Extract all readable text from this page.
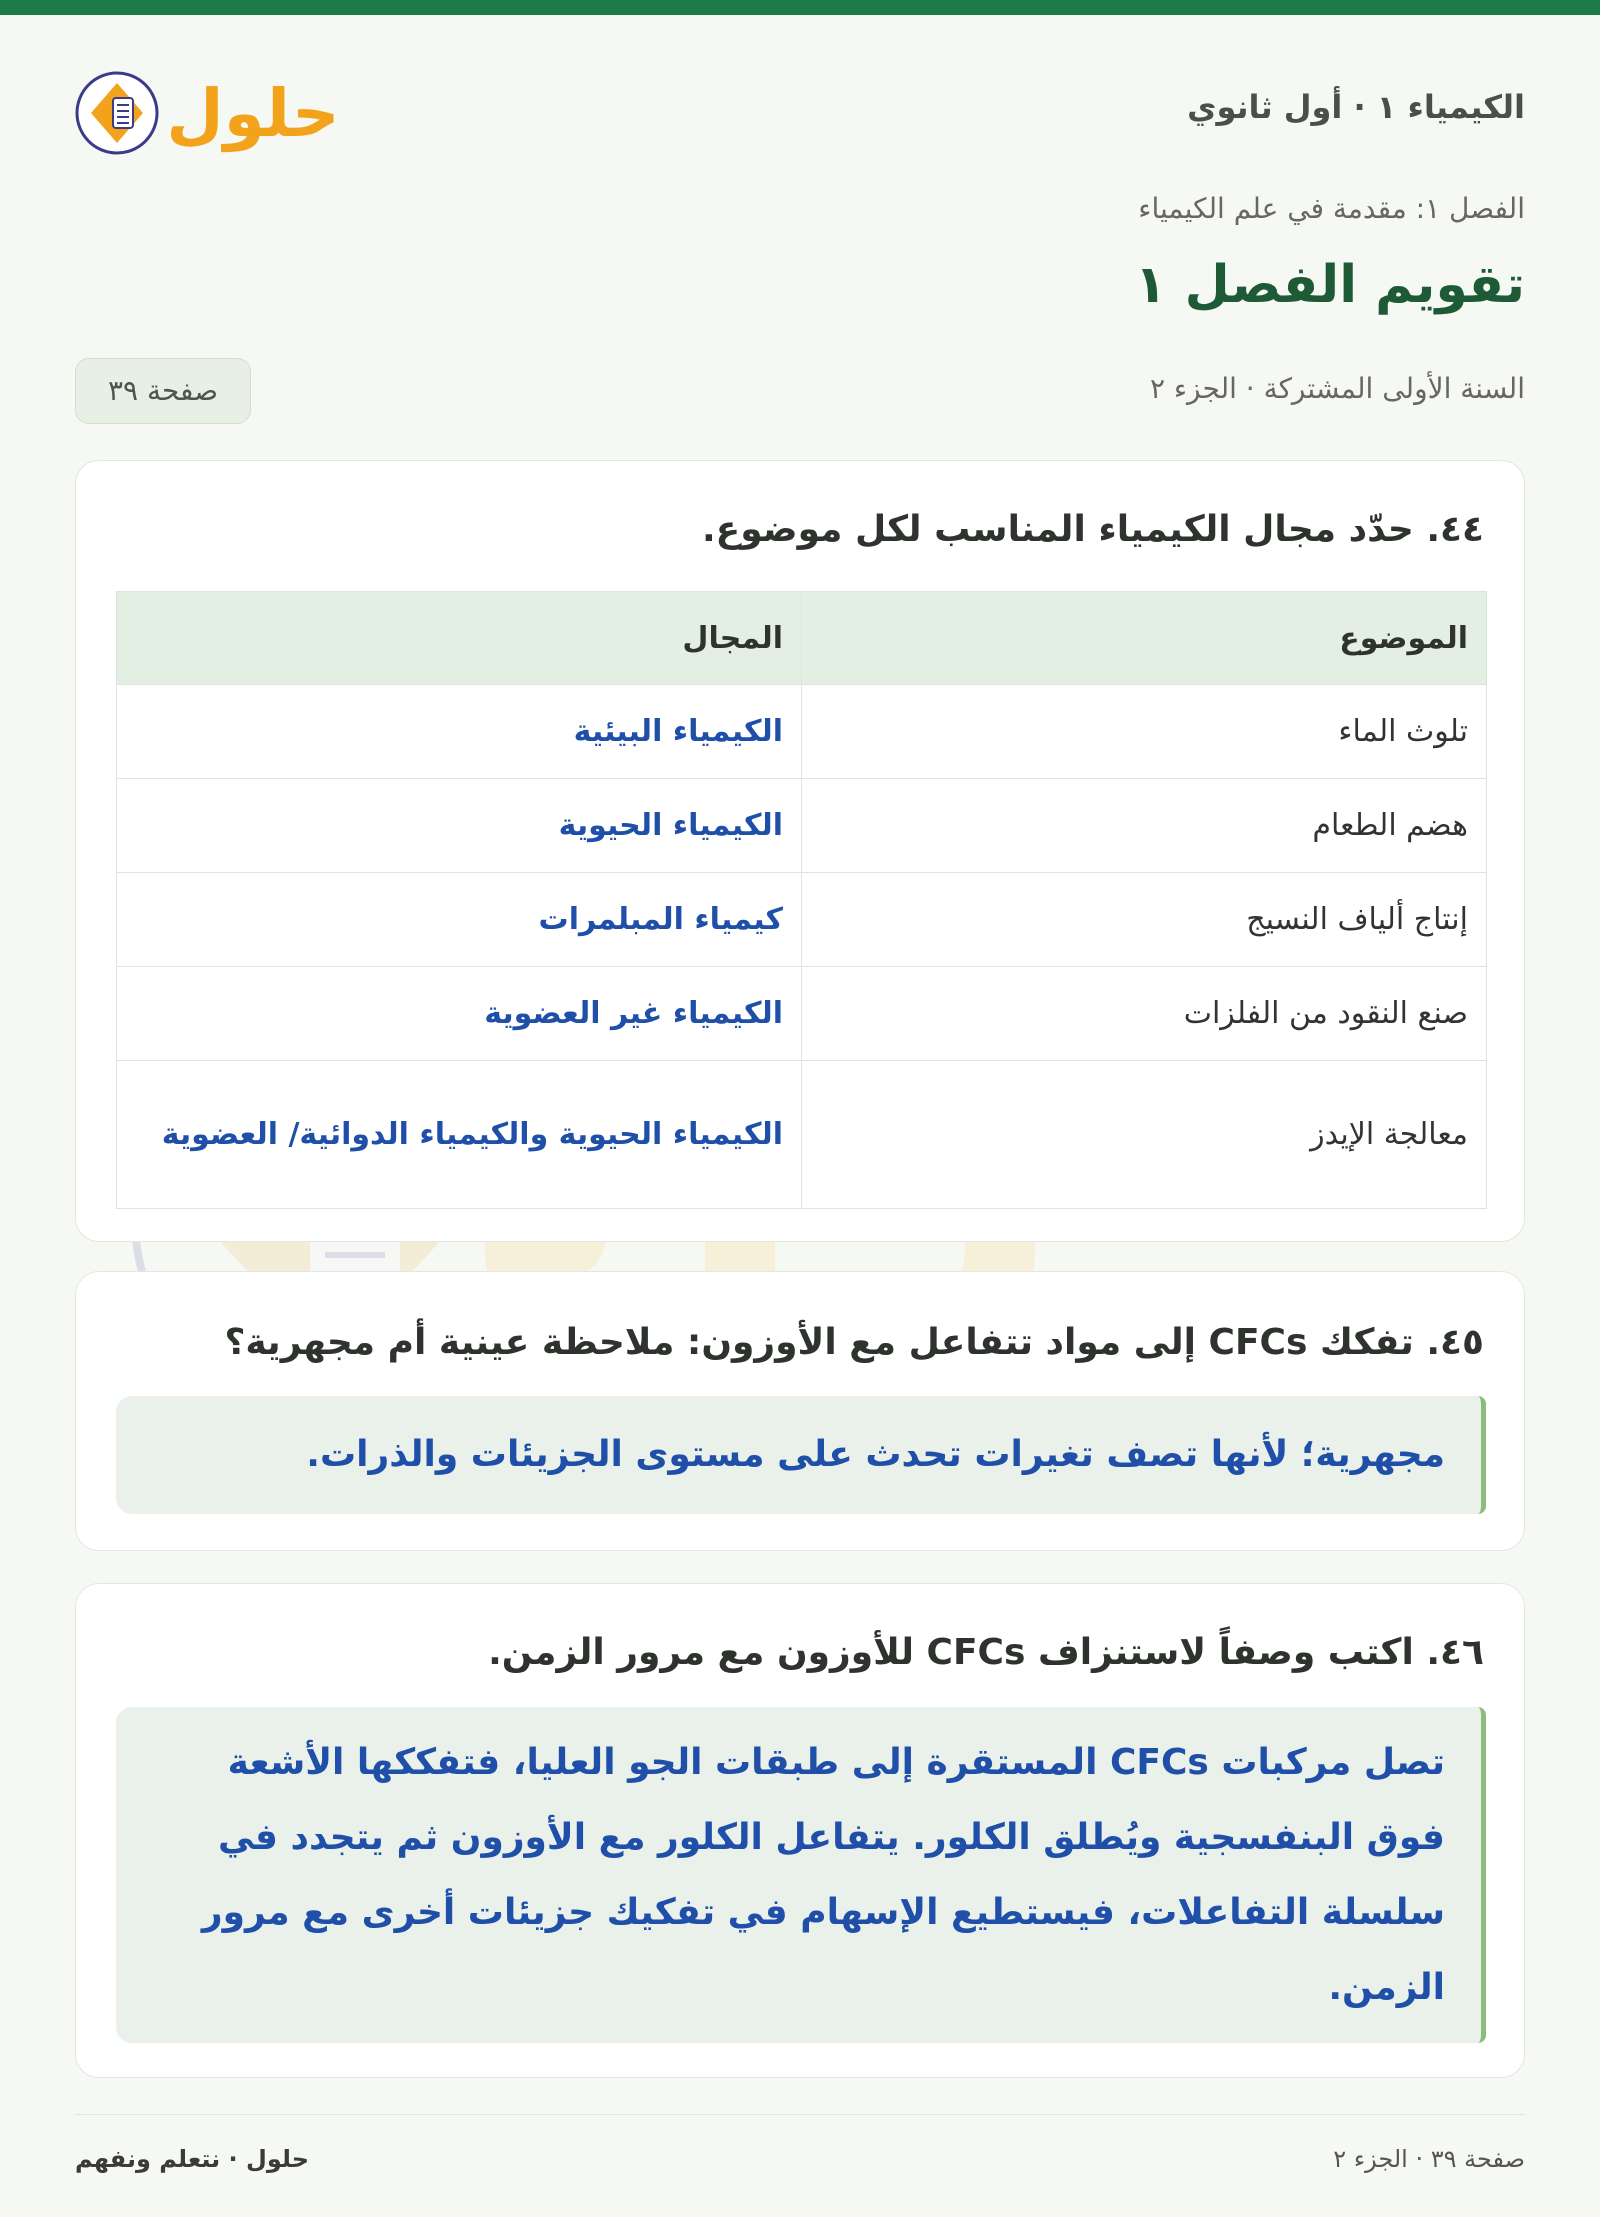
الكيمياء ١ · أول ثانوي
حلول
الفصل ١: مقدمة في علم الكيمياء
تقويم الفصل ١
السنة الأولى المشتركة · الجزء ٢
صفحة ٣٩
٤٤. حدّد مجال الكيمياء المناسب لكل موضوع.
الموضوع	المجال
تلوث الماء	الكيمياء البيئية
هضم الطعام	الكيمياء الحيوية
إنتاج ألياف النسيج	كيمياء المبلمرات
صنع النقود من الفلزات	الكيمياء غير العضوية
معالجة الإيدز	الكيمياء الحيوية والكيمياء الدوائية/ العضوية
٤٥. تفكك CFCs إلى مواد تتفاعل مع الأوزون: ملاحظة عينية أم مجهرية؟
مجهرية؛ لأنها تصف تغيرات تحدث على مستوى الجزيئات والذرات.
٤٦. اكتب وصفاً لاستنزاف CFCs للأوزون مع مرور الزمن.
تصل مركبات CFCs المستقرة إلى طبقات الجو العليا، فتفككها الأشعة فوق البنفسجية ويُطلق الكلور. يتفاعل الكلور مع الأوزون ثم يتجدد في سلسلة التفاعلات، فيستطيع الإسهام في تفكيك جزيئات أخرى مع مرور الزمن.
صفحة ٣٩ · الجزء ٢
حلول · نتعلم ونفهم
